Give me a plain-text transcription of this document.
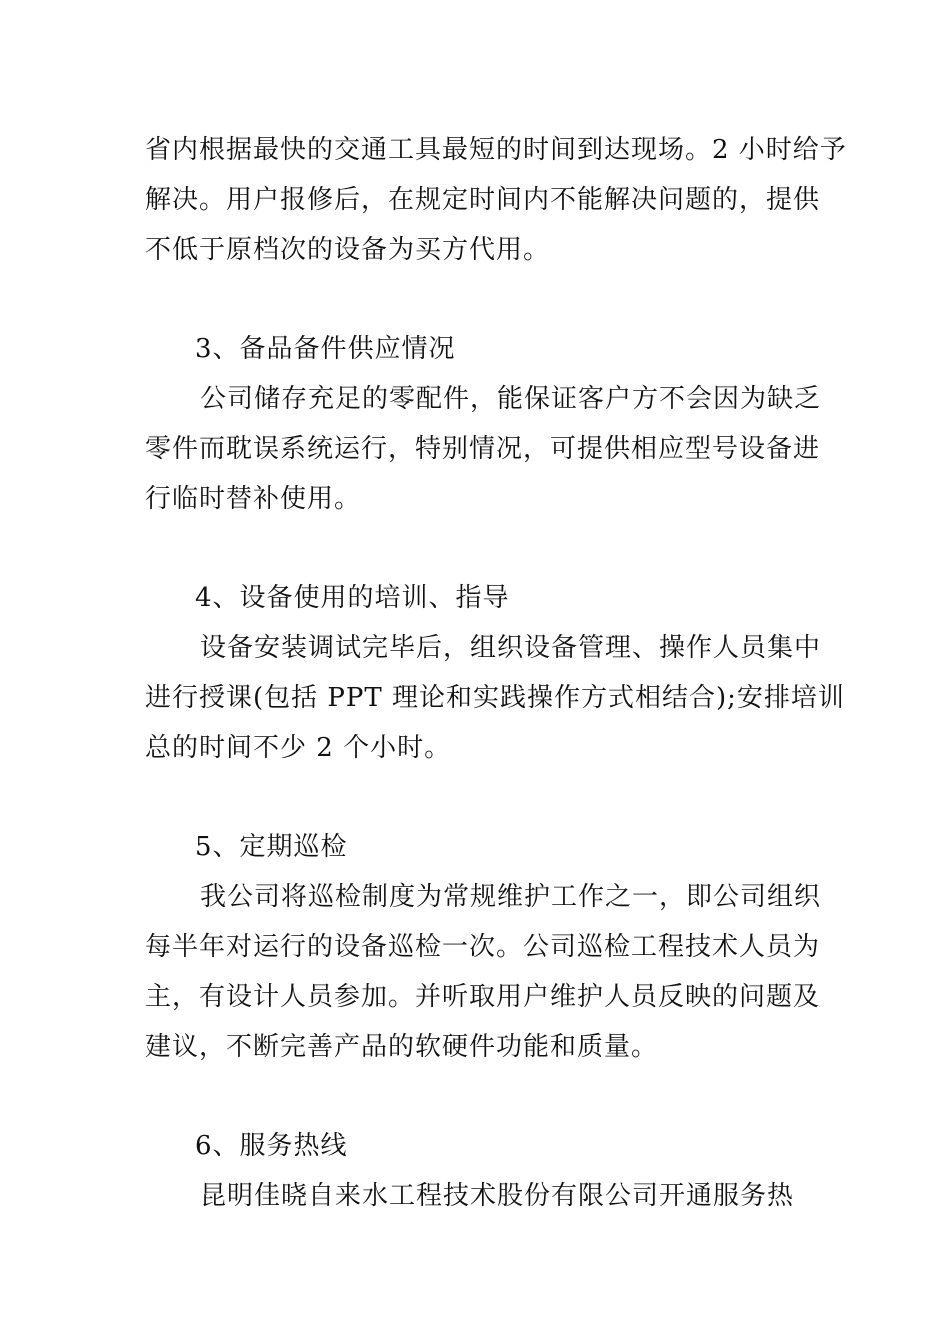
省内根据最快的交通工具最短的时间到达现场。2 小时给予
解决。用户报修后，在规定时间内不能解决问题的，提供
不低于原档次的设备为买方代用。
3、备品备件供应情况
公司储存充足的零配件，能保证客户方不会因为缺乏
零件而耽误系统运行，特别情况，可提供相应型号设备进
行临时替补使用。
4、设备使用的培训、指导
设备安装调试完毕后，组织设备管理、操作人员集中
进行授课(包括 PPT 理论和实践操作方式相结合);安排培训
总的时间不少 2 个小时。
5、定期巡检
我公司将巡检制度为常规维护工作之一，即公司组织
每半年对运行的设备巡检一次。公司巡检工程技术人员为
主，有设计人员参加。并听取用户维护人员反映的问题及
建议，不断完善产品的软硬件功能和质量。
6、服务热线
昆明佳晓自来水工程技术股份有限公司开通服务热
